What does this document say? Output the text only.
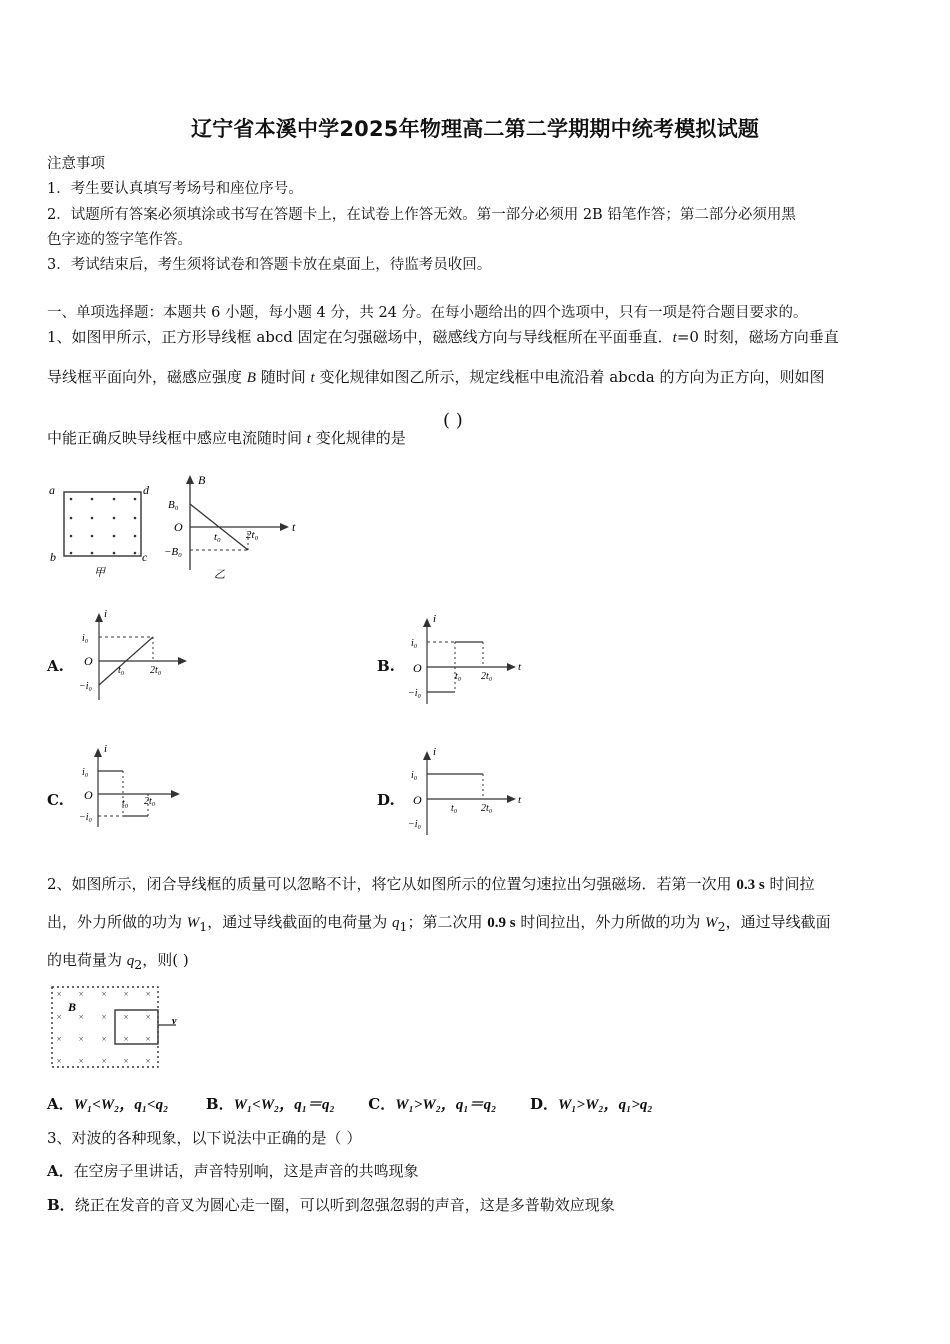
辽宁省本溪中学2025年物理高二第二学期期中统考模拟试题
注意事项
1．考生要认真填写考场号和座位序号。
2．试题所有答案必须填涂或书写在答题卡上，在试卷上作答无效。第一部分必须用 2B 铅笔作答；第二部分必须用黑
色字迹的签字笔作答。
3．考试结束后，考生须将试卷和答题卡放在桌面上，待监考员收回。
一、单项选择题：本题共 6 小题，每小题 4 分，共 24 分。在每小题给出的四个选项中，只有一项是符合题目要求的。
1、如图甲所示，正方形导线框 abcd 固定在匀强磁场中，磁感线方向与导线框所在平面垂直．t=0 时刻，磁场方向垂直
导线框平面向外，磁感应强度 B 随时间 t 变化规律如图乙所示，规定线框中电流沿着 abcda 的方向为正方向，则如图
中能正确反映导线框中感应电流随时间 t 变化规律的是
( )
a	d
b	c
甲
B
t
B₀
O
−B₀
t₀ 2t₀
乙
A.
i
i₀
O
−i₀
t₀	2t₀	B.
i
t
i₀
O
−i₀
t₀ 2t₀
C.
i
i₀
O
−i₀
t₀ 2t₀	D.
i
t
i₀
O
−i₀
t₀ 2t₀
2、如图所示，闭合导线框的质量可以忽略不计，将它从如图所示的位置匀速拉出匀强磁场．若第一次用 0.3 s 时间拉
出，外力所做的功为 $W_1$，通过导线截面的电荷量为 $q_1$；第二次用 0.9 s 时间拉出，外力所做的功为 $W_2$，通过导线截面
的电荷量为 $q_2$，则( )
× × × × ×
× × × × ×
× × × × ×
× × × × ×
B
v
A．W₁<W₂，q₁<q₂	B．W₁<W₂，q₁＝q₂ C．W₁>W₂，q₁＝q₂ D．W₁>W₂，q₁>q₂
3、对波的各种现象，以下说法中正确的是（ ）
A．在空房子里讲话，声音特别响，这是声音的共鸣现象
B．绕正在发音的音叉为圆心走一圈，可以听到忽强忽弱的声音，这是多普勒效应现象
